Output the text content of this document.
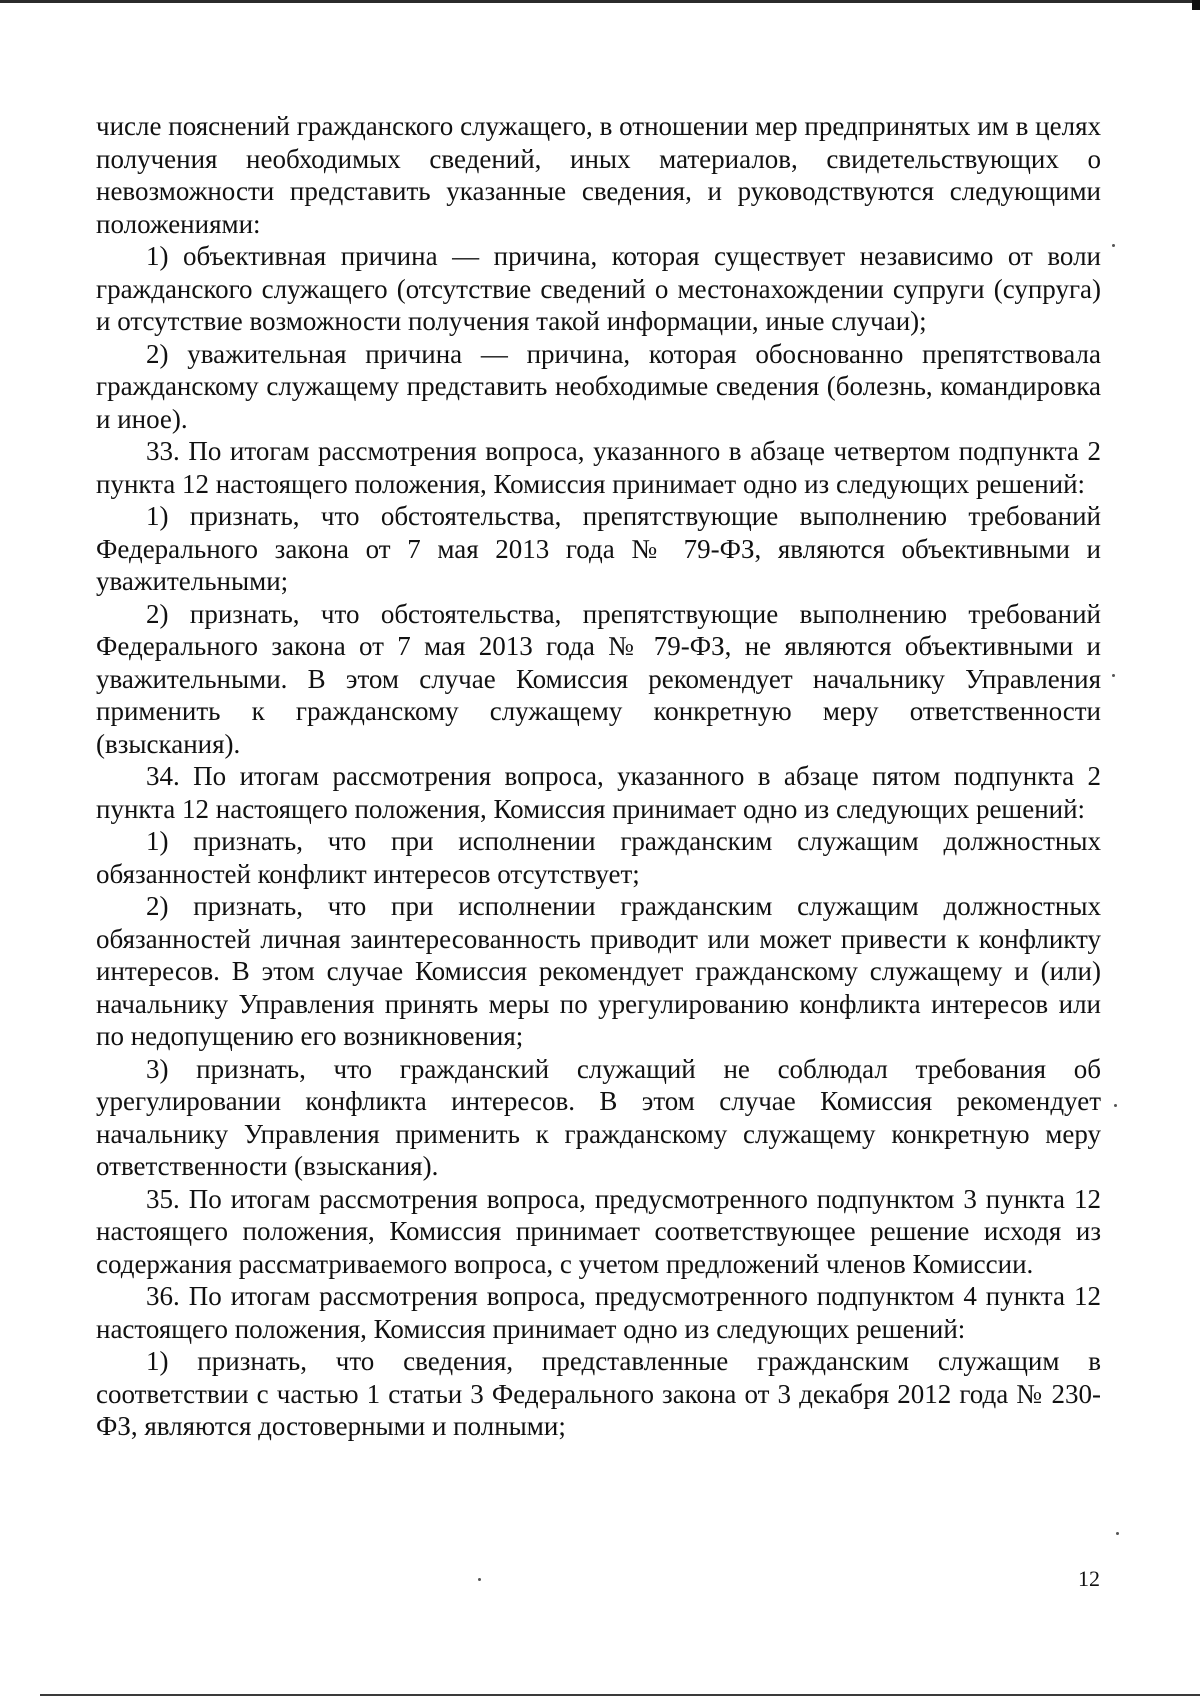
числе пояснений гражданского служащего, в отношении мер предпринятых им в целях получения необходимых сведений, иных материалов, свидетельствующих о невозможности представить указанные сведения, и руководствуются следующими положениями:

1) объективная причина — причина, которая существует независимо от воли гражданского служащего (отсутствие сведений о местонахождении супруги (супруга) и отсутствие возможности получения такой информации, иные случаи);

2) уважительная причина — причина, которая обоснованно препятствовала гражданскому служащему представить необходимые сведения (болезнь, командировка и иное).

33. По итогам рассмотрения вопроса, указанного в абзаце четвертом подпункта 2 пункта 12 настоящего положения, Комиссия принимает одно из следующих решений:

1) признать, что обстоятельства, препятствующие выполнению требований Федерального закона от 7 мая 2013 года № 79-ФЗ, являются объективными и уважительными;

2) признать, что обстоятельства, препятствующие выполнению требований Федерального закона от 7 мая 2013 года № 79-ФЗ, не являются объективными и уважительными. В этом случае Комиссия рекомендует начальнику Управления применить к гражданскому служащему конкретную меру ответственности (взыскания).

34. По итогам рассмотрения вопроса, указанного в абзаце пятом подпункта 2 пункта 12 настоящего положения, Комиссия принимает одно из следующих решений:

1) признать, что при исполнении гражданским служащим должностных обязанностей конфликт интересов отсутствует;

2) признать, что при исполнении гражданским служащим должностных обязанностей личная заинтересованность приводит или может привести к конфликту интересов. В этом случае Комиссия рекомендует гражданскому служащему и (или) начальнику Управления принять меры по урегулированию конфликта интересов или по недопущению его возникновения;

3) признать, что гражданский служащий не соблюдал требования об урегулировании конфликта интересов. В этом случае Комиссия рекомендует начальнику Управления применить к гражданскому служащему конкретную меру ответственности (взыскания).

35. По итогам рассмотрения вопроса, предусмотренного подпунктом 3 пункта 12 настоящего положения, Комиссия принимает соответствующее решение исходя из содержания рассматриваемого вопроса, с учетом предложений членов Комиссии.

36. По итогам рассмотрения вопроса, предусмотренного подпунктом 4 пункта 12 настоящего положения, Комиссия принимает одно из следующих решений:

1) признать, что сведения, представленные гражданским служащим в соответствии с частью 1 статьи 3 Федерального закона от 3 декабря 2012 года № 230-ФЗ, являются достоверными и полными;

12
